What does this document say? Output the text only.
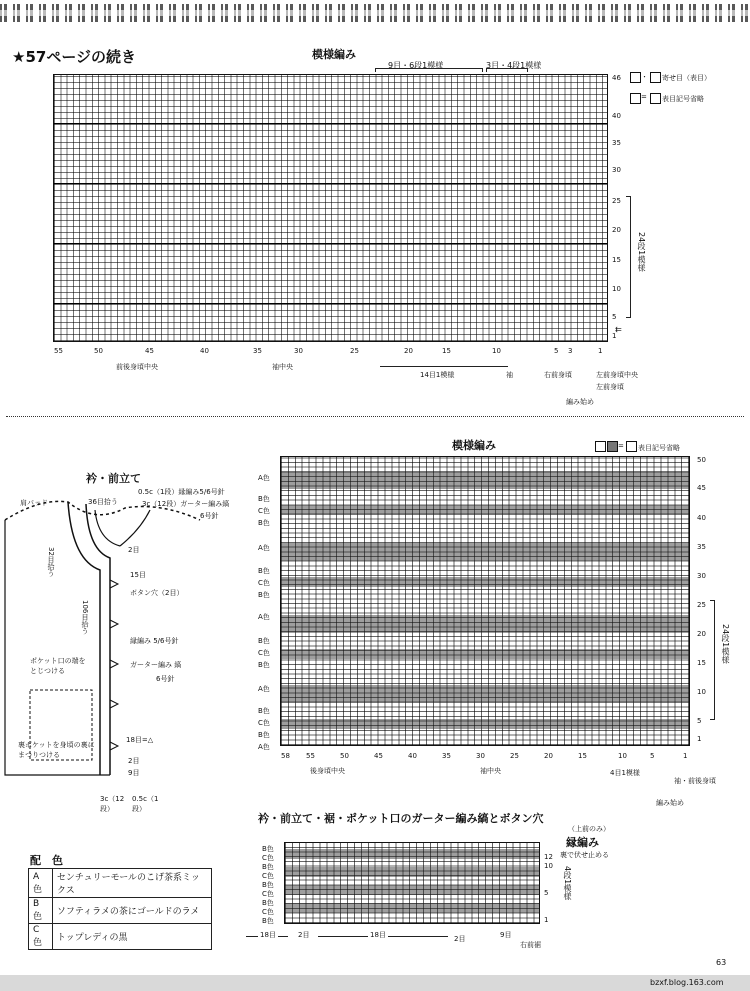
★57ページの続き	模様編み
9目・6段1模様	3目・4段1模様
・ 寄せ目（表目）
= 表目記号省略
46
40
35
30
25
20
15
10
5
1
24段1模様
⇇
55	50	45	40	35	30	25	20	15	10	5 3	1
前後身頃中央	袖中央
14目1模様	袖	右前身頃	左前身頃中央
左前身頃
編み始め
衿・前立て
肩パッド	36目拾う
0.5c（1段）縁編み5/6号針
3c（12段）ガーター編み縞
6号針
32目拾う	2目
15目
ボタン穴（2目）
106目拾う
縁編み 5/6号針
ガーター編み 縞
6号針
ポケット口の端をとじつける
裏ポケットを身頃の裏にまつりつける
18目=△
2目
9目
3c（12段）
0.5c（1段）
配　色
A色	センチュリーモールのこげ茶系ミックス
B色	ソフティラメの茶にゴールドのラメ
C色	トップレディの黒
模様編み	= 表目記号省略
A色
B色
C色
B色
A色
B色
C色
B色
A色
B色
C色
B色
A色
B色
C色
B色
A色
50
45
40
35
30
25
20
15
10
5
1
24段1模様
58 55	50	45	40	35	30	25	20	15	10	5	1
後身頃中央	袖中央	4目1模様
袖・前後身頃
編み始め
衿・前立て・裾・ポケット口のガーター編み縞とボタン穴
（上前のみ）
縁編み
裏で伏せ止める
B色
C色
B色
C色
B色
C色
B色
C色
B色
12
10
5
1
4段1模様
18目	2目	18目	2目	9目
右前裾
63
bzxf.blog.163.com
